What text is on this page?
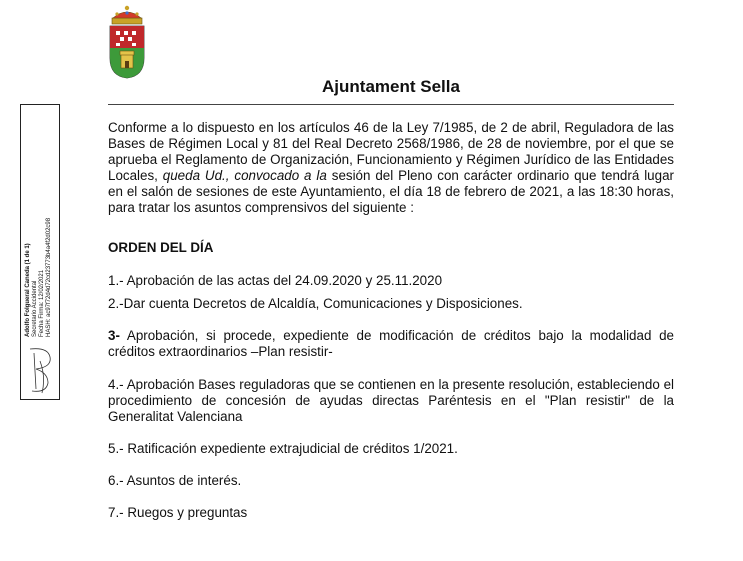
Ajuntament Sella
Adolfo Folgueral Caneda (1 de 1) Secretario Accidental Fecha Firma: 12/02/2021 HASH: ac97f72d4d72cd23773b4a4f2d02c98
Conforme a lo dispuesto en los artículos 46 de la Ley 7/1985, de 2 de abril, Reguladora de las Bases de Régimen Local y 81 del Real Decreto 2568/1986, de 28 de noviembre, por el que se aprueba el Reglamento de Organización, Funcionamiento y Régimen Jurídico de las Entidades Locales, queda Ud., convocado a la sesión del Pleno con carácter ordinario que tendrá lugar en el salón de sesiones de este Ayuntamiento, el día 18 de febrero de 2021, a las 18:30 horas, para tratar los asuntos comprensivos del siguiente :
ORDEN DEL DÍA
1.- Aprobación de las actas del 24.09.2020 y 25.11.2020
2.-Dar cuenta Decretos de Alcaldía, Comunicaciones y Disposiciones.
3- Aprobación, si procede, expediente de modificación de créditos bajo la modalidad de créditos extraordinarios –Plan resistir-
4.- Aprobación Bases reguladoras que se contienen en la presente resolución, estableciendo el procedimiento de concesión de ayudas directas Paréntesis en el "Plan resistir" de la Generalitat Valenciana
5.- Ratificación expediente extrajudicial de créditos 1/2021.
6.- Asuntos de interés.
7.- Ruegos y preguntas
